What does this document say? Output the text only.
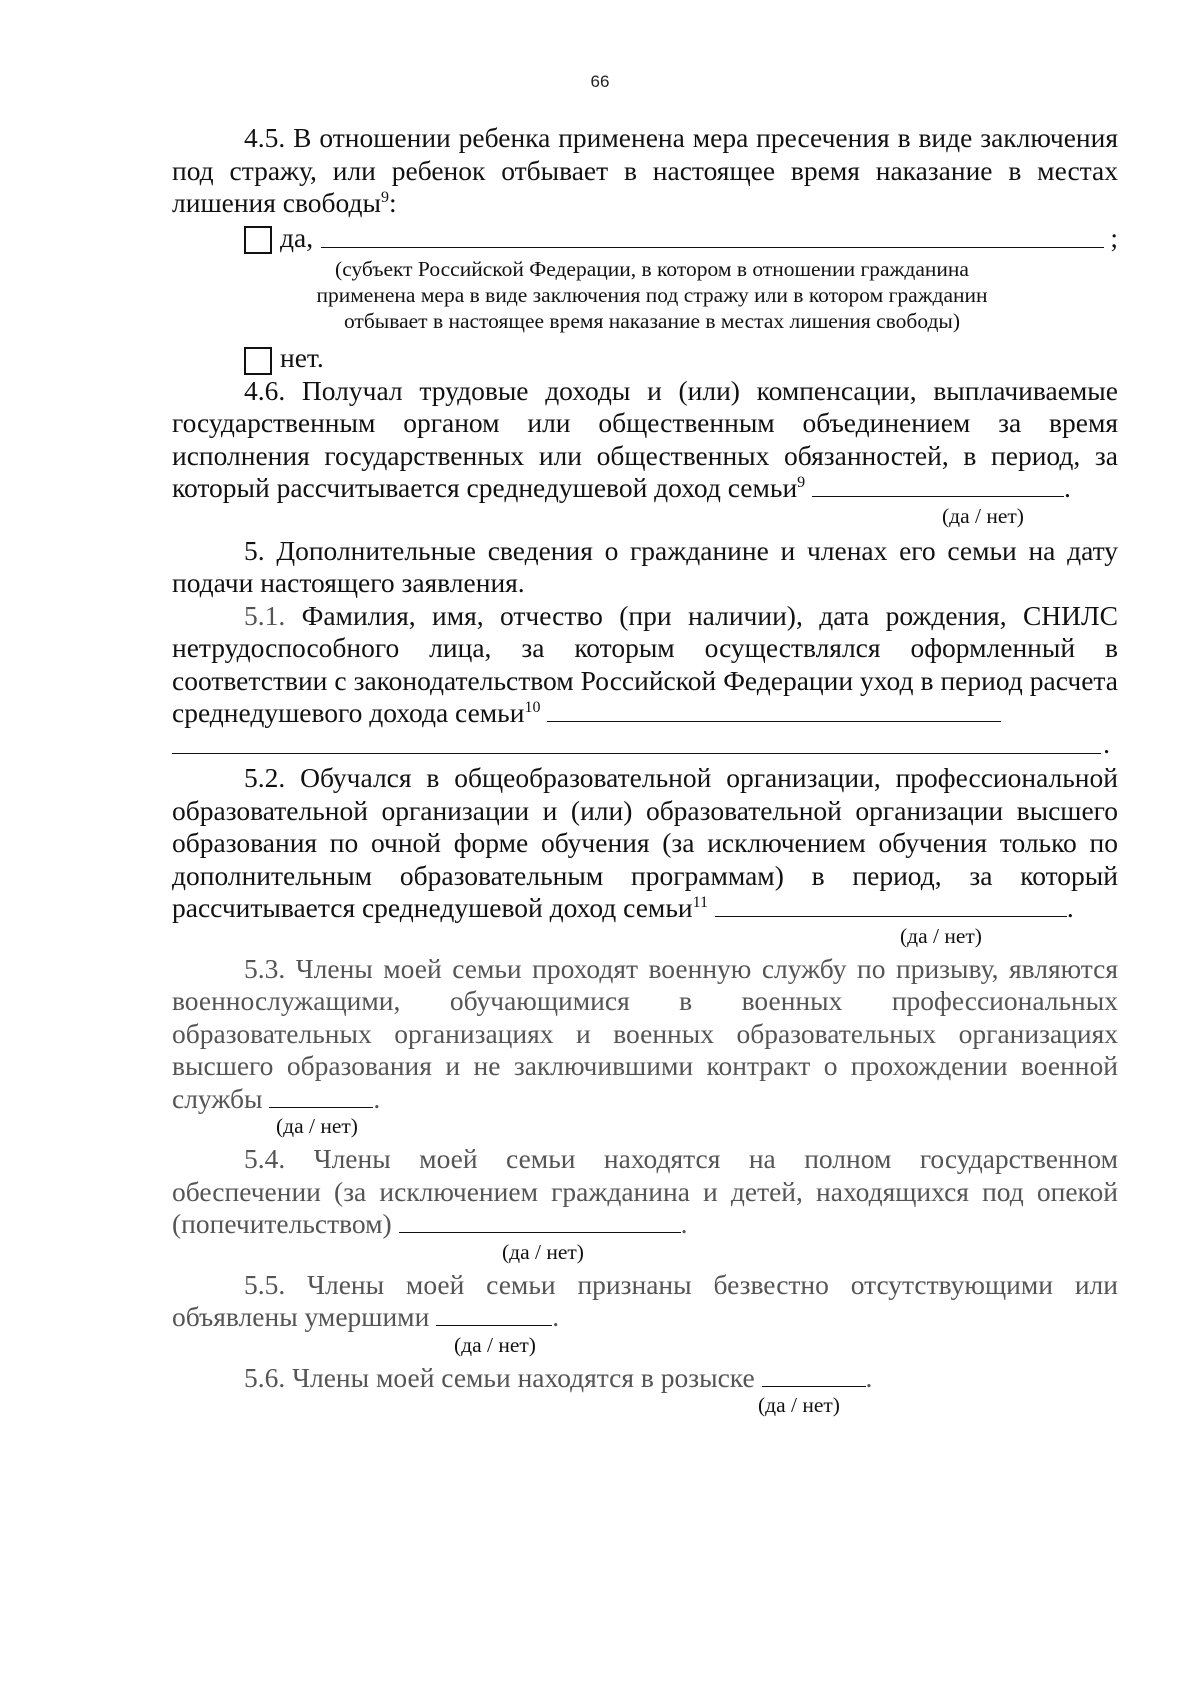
66

4.5. В отношении ребенка применена мера пресечения в виде заключения под стражу, или ребенок отбывает в настоящее время наказание в местах лишения свободы$^9$:

да,	;
(субъект Российской Федерации, в котором в отношении гражданина
применена мера в виде заключения под стражу или в котором гражданин
отбывает в настоящее время наказание в местах лишения свободы)
нет.

4.6. Получал трудовые доходы и (или) компенсации, выплачиваемые государственным органом или общественным объединением за время исполнения государственных или общественных обязанностей, в период, за который рассчитывается среднедушевой доход семьи$^9$	.

(да / нет)

5. Дополнительные сведения о гражданине и членах его семьи на дату подачи настоящего заявления.

5.1. Фамилия, имя, отчество (при наличии), дата рождения, СНИЛС нетрудоспособного лица, за которым осуществлялся оформленный в соответствии с законодательством Российской Федерации уход в период расчета среднедушевого дохода семьи$^{10}$

.

5.2. Обучался в общеобразовательной организации, профессиональной образовательной организации и (или) образовательной организации высшего образования по очной форме обучения (за исключением обучения только по дополнительным образовательным программам) в период, за который рассчитывается среднедушевой доход семьи$^{11}$	.

(да / нет)

5.3. Члены моей семьи проходят военную службу по призыву, являются военнослужащими, обучающимися в военных профессиональных образовательных организациях и военных образовательных организациях высшего образования и не заключившими контракт о прохождении военной службы	.

(да / нет)

5.4. Члены моей семьи находятся на полном государственном обеспечении (за исключением гражданина и детей, находящихся под опекой (попечительством)	.

(да / нет)

5.5. Члены моей семьи признаны безвестно отсутствующими или объявлены умершими	.

(да / нет)

5.6. Члены моей семьи находятся в розыске	.

(да / нет)
